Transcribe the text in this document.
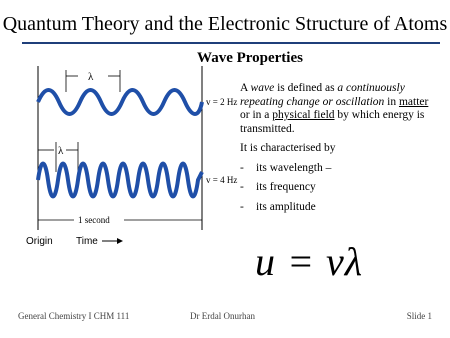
Quantum Theory and the Electronic Structure of Atoms
Wave Properties
λ
v = 2 Hz
λ
v = 4 Hz
1 second
Origin Time

A wave is defined as a continuously repeating change or oscillation in matter or in a physical field by which energy is transmitted.

It is characterised by

-	its wavelength –
-	its frequency
-	its amplitude
u = vλ
General Chemistry I CHM 111	Dr Erdal Onurhan	Slide 1
